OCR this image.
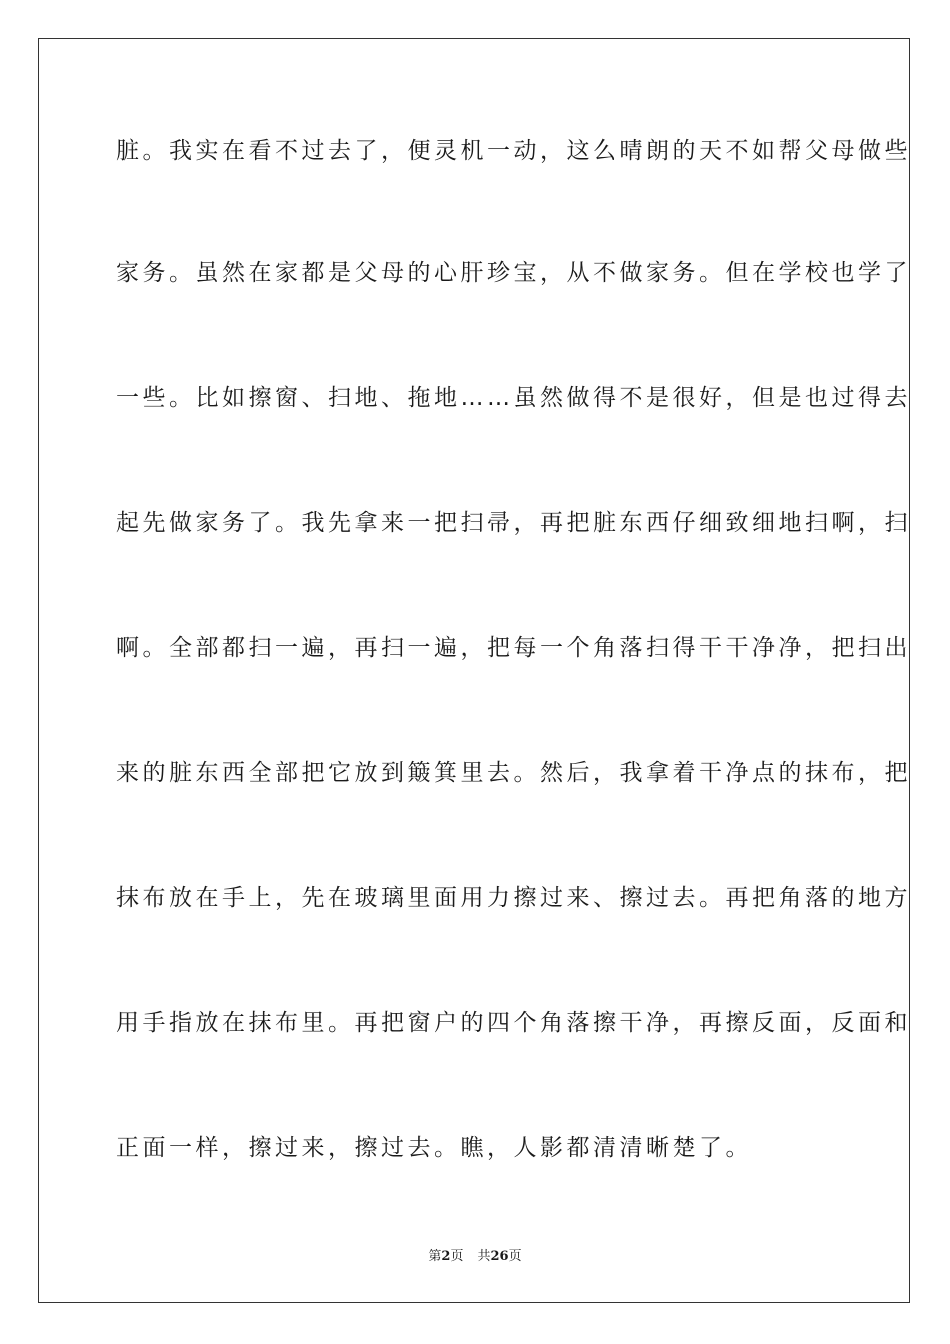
脏。我实在看不过去了，便灵机一动，这么晴朗的天不如帮父母做些
家务。虽然在家都是父母的心肝珍宝，从不做家务。但在学校也学了
一些。比如擦窗、扫地、拖地……虽然做得不是很好，但是也过得去
起先做家务了。我先拿来一把扫帚，再把脏东西仔细致细地扫啊，扫
啊。全部都扫一遍，再扫一遍，把每一个角落扫得干干净净，把扫出
来的脏东西全部把它放到簸箕里去。然后，我拿着干净点的抹布，把
抹布放在手上，先在玻璃里面用力擦过来、擦过去。再把角落的地方
用手指放在抹布里。再把窗户的四个角落擦干净，再擦反面，反面和
正面一样，擦过来，擦过去。瞧，人影都清清晰楚了。
第2页 共26页
